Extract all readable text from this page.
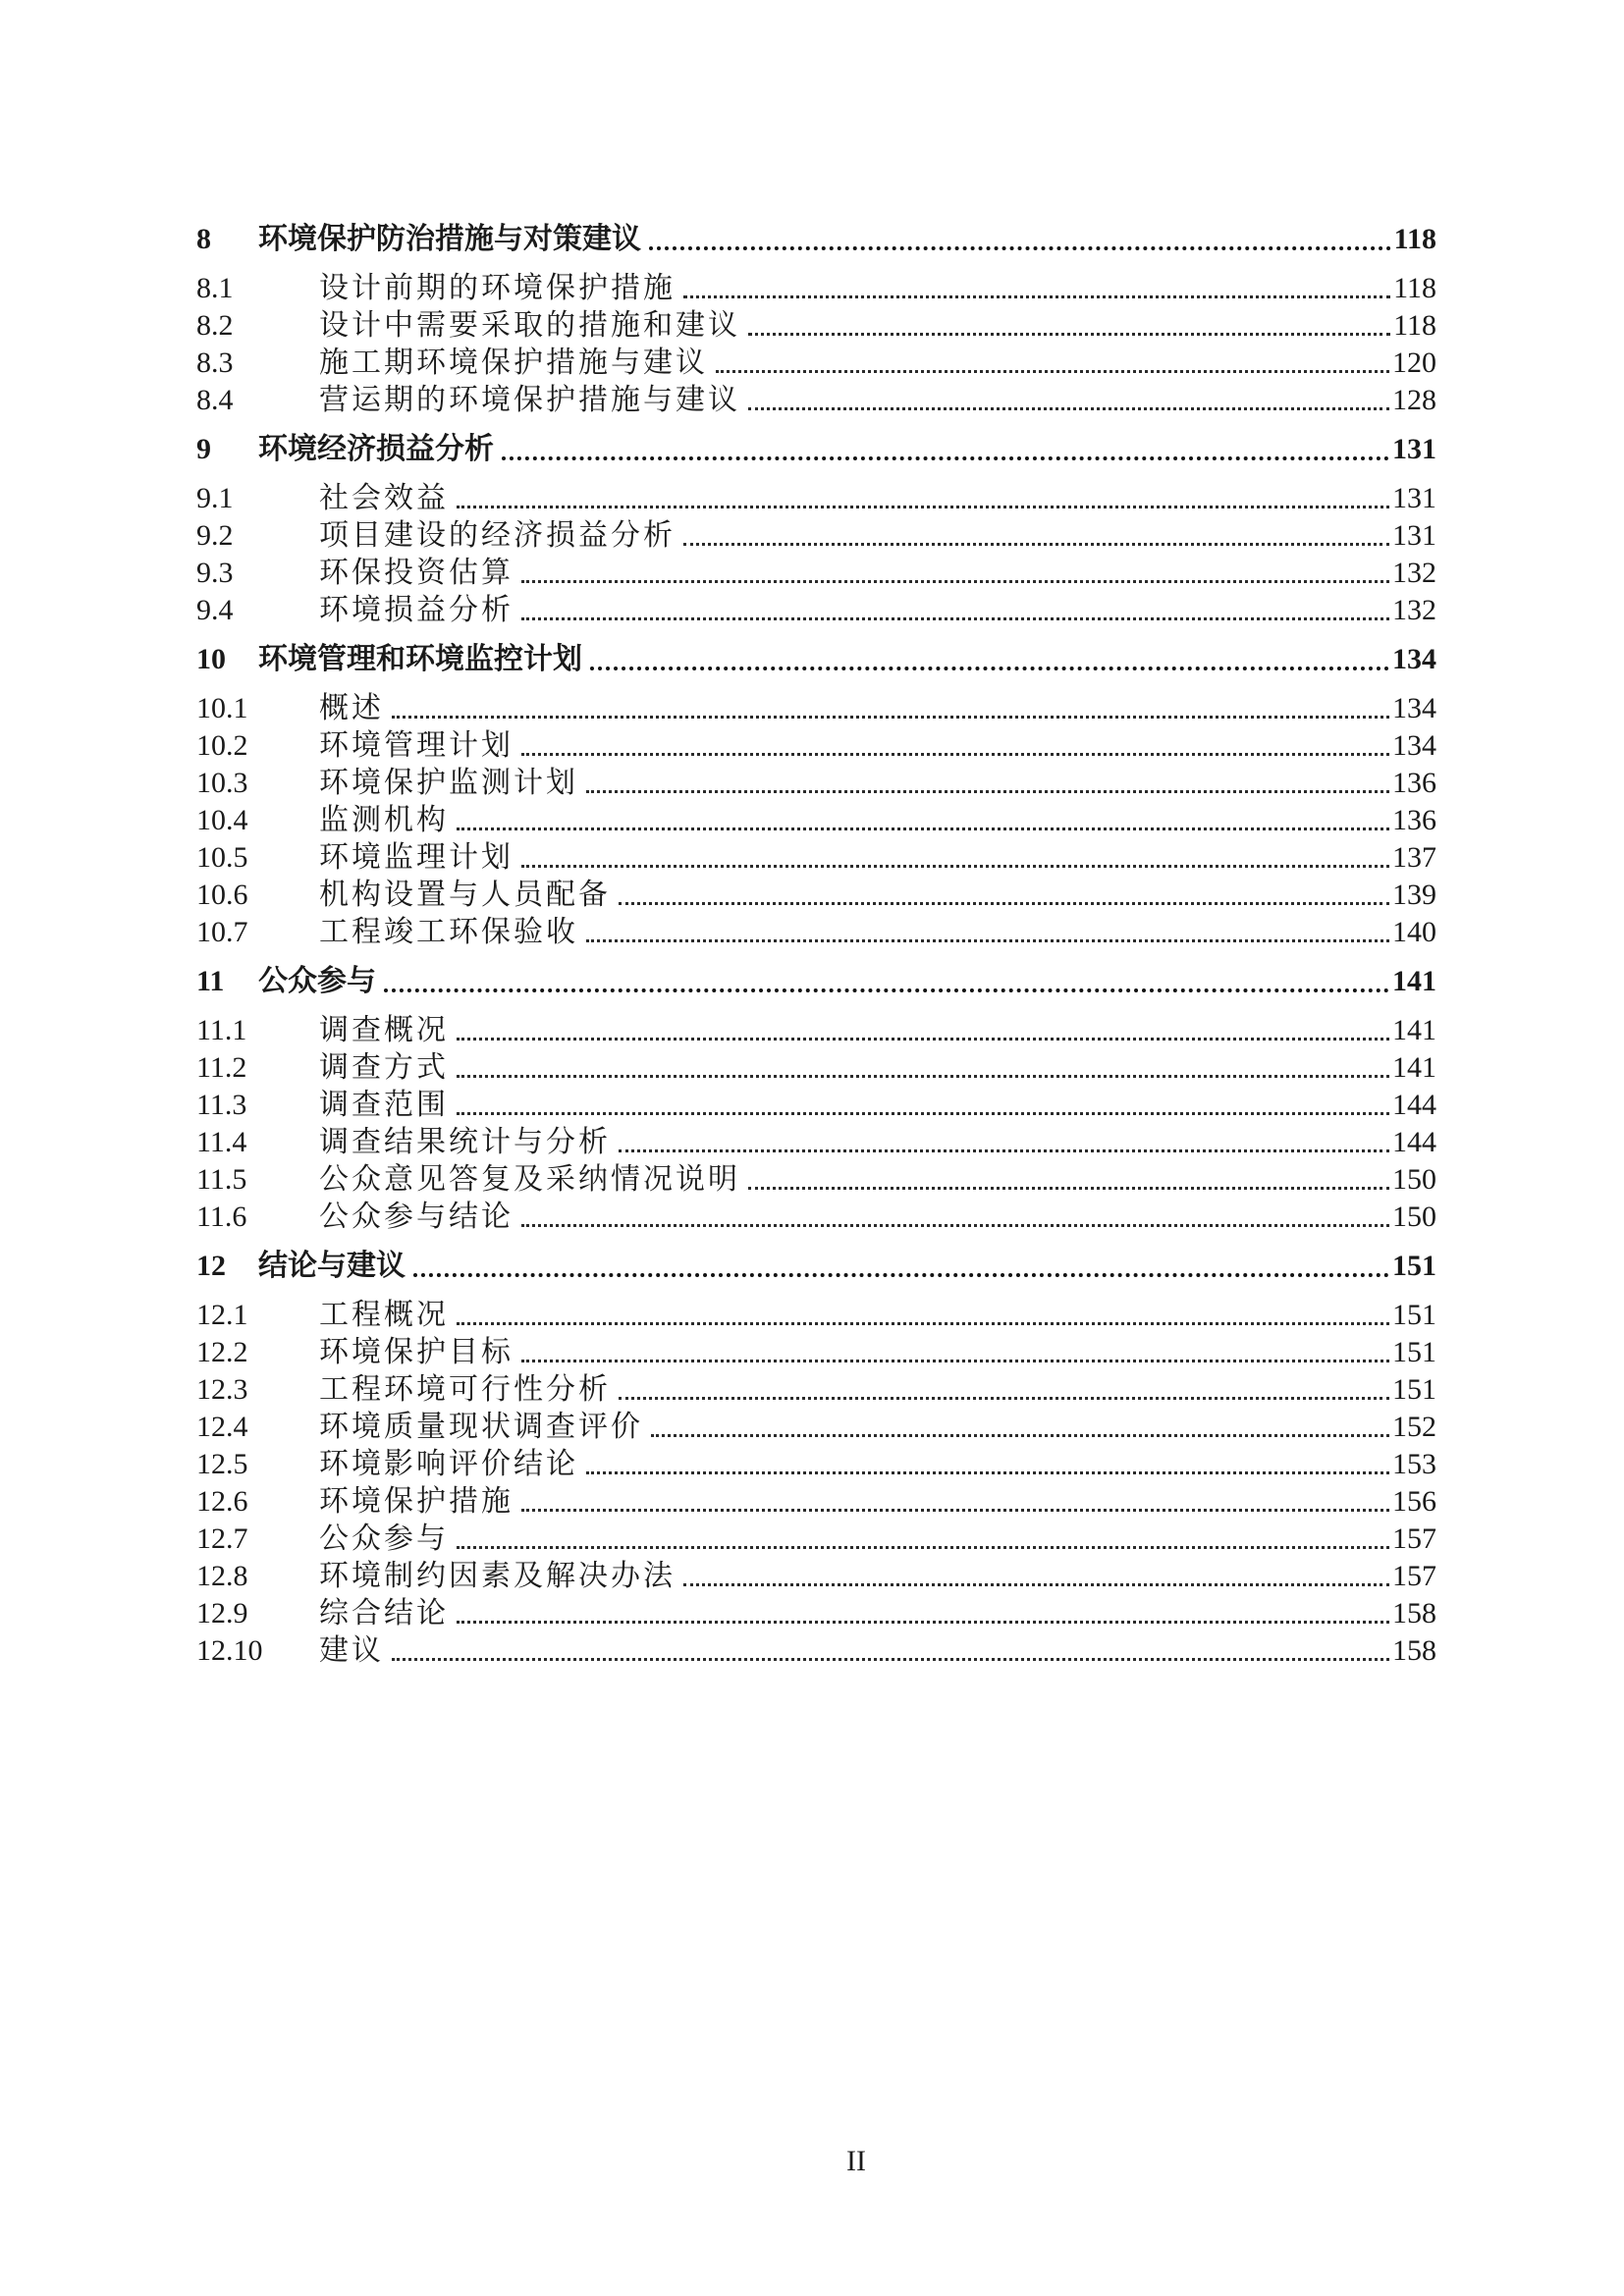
8	环境保护防治措施与对策建议	118
8.1	设计前期的环境保护措施	118
8.2	设计中需要采取的措施和建议	118
8.3	施工期环境保护措施与建议	120
8.4	营运期的环境保护措施与建议	128
9	环境经济损益分析	131
9.1	社会效益	131
9.2	项目建设的经济损益分析	131
9.3	环保投资估算	132
9.4	环境损益分析	132
10	环境管理和环境监控计划	134
10.1	概述	134
10.2	环境管理计划	134
10.3	环境保护监测计划	136
10.4	监测机构	136
10.5	环境监理计划	137
10.6	机构设置与人员配备	139
10.7	工程竣工环保验收	140
11	公众参与	141
11.1	调查概况	141
11.2	调查方式	141
11.3	调查范围	144
11.4	调查结果统计与分析	144
11.5	公众意见答复及采纳情况说明	150
11.6	公众参与结论	150
12	结论与建议	151
12.1	工程概况	151
12.2	环境保护目标	151
12.3	工程环境可行性分析	151
12.4	环境质量现状调查评价	152
12.5	环境影响评价结论	153
12.6	环境保护措施	156
12.7	公众参与	157
12.8	环境制约因素及解决办法	157
12.9	综合结论	158
12.10	建议	158
II
